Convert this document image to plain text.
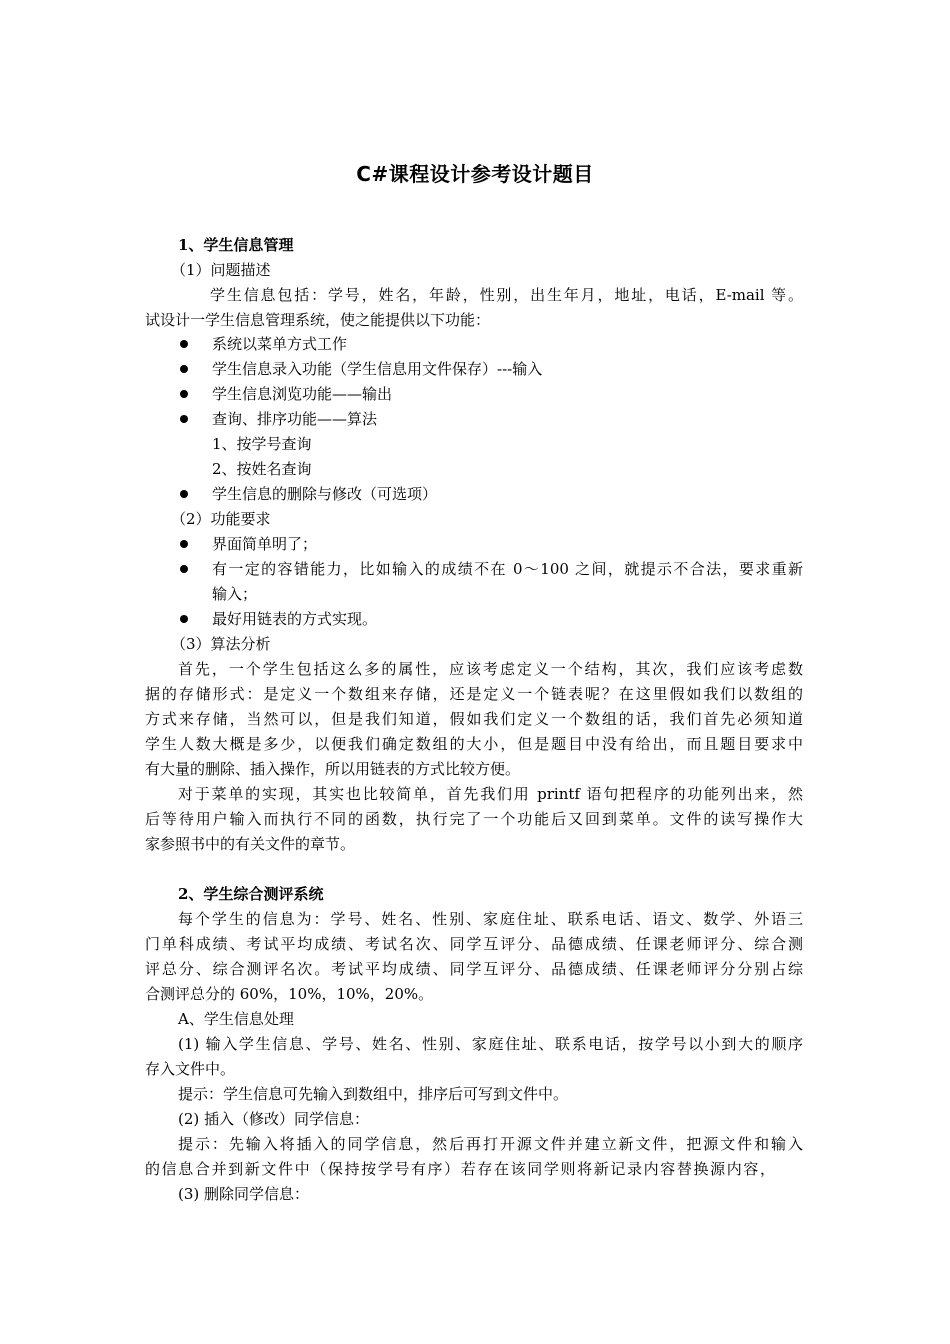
C#课程设计参考设计题目
1、学生信息管理
（1）问题描述
学生信息包括：学号，姓名，年龄，性别，出生年月，地址，电话，E-mail 等。
试设计一学生信息管理系统，使之能提供以下功能：
系统以菜单方式工作
学生信息录入功能（学生信息用文件保存）---输入
学生信息浏览功能——输出
查询、排序功能——算法
1、按学号查询
2、按姓名查询
学生信息的删除与修改（可选项）
（2）功能要求
界面简单明了；
有一定的容错能力，比如输入的成绩不在 0～100 之间，就提示不合法，要求重新
输入；
最好用链表的方式实现。
（3）算法分析
首先，一个学生包括这么多的属性，应该考虑定义一个结构，其次，我们应该考虑数
据的存储形式：是定义一个数组来存储，还是定义一个链表呢？在这里假如我们以数组的
方式来存储，当然可以，但是我们知道，假如我们定义一个数组的话，我们首先必须知道
学生人数大概是多少，以便我们确定数组的大小，但是题目中没有给出，而且题目要求中
有大量的删除、插入操作，所以用链表的方式比较方便。
对于菜单的实现，其实也比较简单，首先我们用 printf 语句把程序的功能列出来，然
后等待用户输入而执行不同的函数，执行完了一个功能后又回到菜单。文件的读写操作大
家参照书中的有关文件的章节。
2、学生综合测评系统
每个学生的信息为：学号、姓名、性别、家庭住址、联系电话、语文、数学、外语三
门单科成绩、考试平均成绩、考试名次、同学互评分、品德成绩、任课老师评分、综合测
评总分、综合测评名次。考试平均成绩、同学互评分、品德成绩、任课老师评分分别占综
合测评总分的 60%，10%，10%，20%。
A、学生信息处理
(1) 输入学生信息、学号、姓名、性别、家庭住址、联系电话，按学号以小到大的顺序
存入文件中。
提示：学生信息可先输入到数组中，排序后可写到文件中。
(2) 插入（修改）同学信息：
提示：先输入将插入的同学信息，然后再打开源文件并建立新文件，把源文件和输入
的信息合并到新文件中（保持按学号有序）若存在该同学则将新记录内容替换源内容，
(3) 删除同学信息：
